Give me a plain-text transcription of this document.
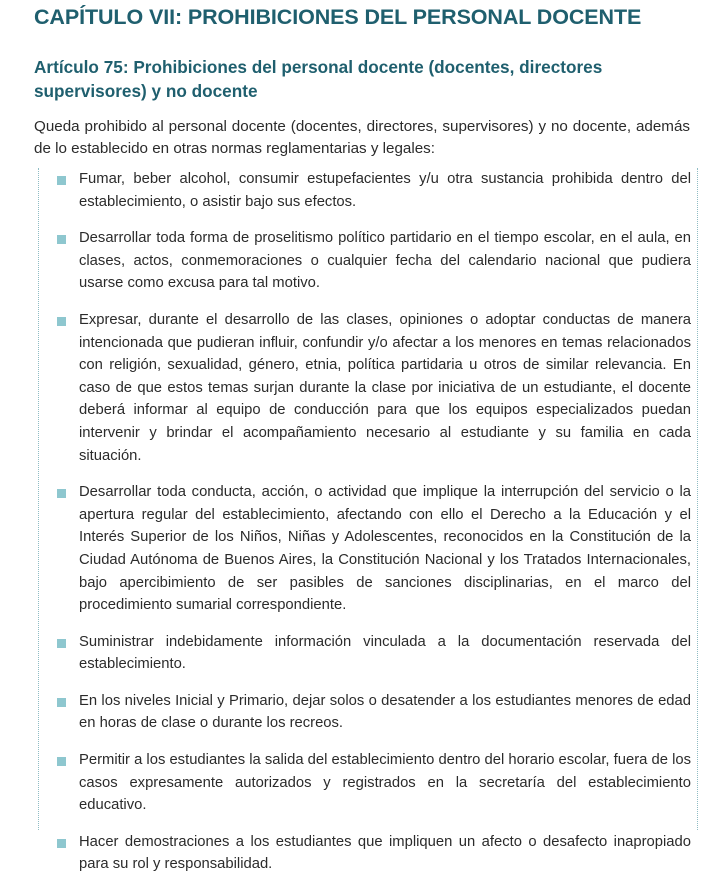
CAPÍTULO VII: PROHIBICIONES DEL PERSONAL DOCENTE
Artículo 75: Prohibiciones del personal docente (docentes, directores supervisores) y no docente
Queda prohibido al personal docente (docentes, directores, supervisores) y no docente, además de lo establecido en otras normas reglamentarias y legales:
Fumar, beber alcohol, consumir estupefacientes y/u otra sustancia prohibida dentro del establecimiento, o asistir bajo sus efectos.
Desarrollar toda forma de proselitismo político partidario en el tiempo escolar, en el aula, en clases, actos, conmemoraciones o cualquier fecha del calendario nacional que pudiera usarse como excusa para tal motivo.
Expresar, durante el desarrollo de las clases, opiniones o adoptar conductas de manera intencionada que pudieran influir, confundir y/o afectar a los menores en temas relacionados con religión, sexualidad, género, etnia, política partidaria u otros de similar relevancia. En caso de que estos temas surjan durante la clase por iniciativa de un estudiante, el docente deberá informar al equipo de conducción para que los equipos especializados puedan intervenir y brindar el acompañamiento necesario al estudiante y su familia en cada situación.
Desarrollar toda conducta, acción, o actividad que implique la interrupción del servicio o la apertura regular del establecimiento, afectando con ello el Derecho a la Educación y el Interés Superior de los Niños, Niñas y Adolescentes, reconocidos en la Constitución de la Ciudad Autónoma de Buenos Aires, la Constitución Nacional y los Tratados Internacionales, bajo apercibimiento de ser pasibles de sanciones disciplinarias, en el marco del procedimiento sumarial correspondiente.
Suministrar indebidamente información vinculada a la documentación reservada del establecimiento.
En los niveles Inicial y Primario, dejar solos o desatender a los estudiantes menores de edad en horas de clase o durante los recreos.
Permitir a los estudiantes la salida del establecimiento dentro del horario escolar, fuera de los casos expresamente autorizados y registrados en la secretaría del establecimiento educativo.
Hacer demostraciones a los estudiantes que impliquen un afecto o desafecto inapropiado para su rol y responsabilidad.
